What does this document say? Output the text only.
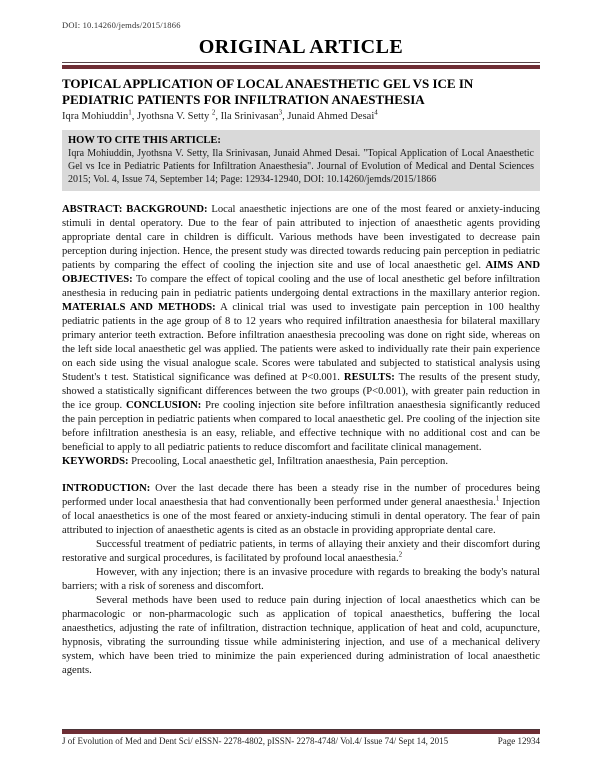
DOI: 10.14260/jemds/2015/1866
ORIGINAL ARTICLE
TOPICAL APPLICATION OF LOCAL ANAESTHETIC GEL VS ICE IN PEDIATRIC PATIENTS FOR INFILTRATION ANAESTHESIA
Iqra Mohiuddin$^1$, Jyothsna V. Setty $^2$, Ila Srinivasan$^3$, Junaid Ahmed Desai$^4$
HOW TO CITE THIS ARTICLE:
Iqra Mohiuddin, Jyothsna V. Setty, Ila Srinivasan, Junaid Ahmed Desai. "Topical Application of Local Anaesthetic Gel vs Ice in Pediatric Patients for Infiltration Anaesthesia". Journal of Evolution of Medical and Dental Sciences 2015; Vol. 4, Issue 74, September 14; Page: 12934-12940, DOI: 10.14260/jemds/2015/1866
ABSTRACT: BACKGROUND: Local anaesthetic injections are one of the most feared or anxiety-inducing stimuli in dental operatory. Due to the fear of pain attributed to injection of anaesthetic agents providing appropriate dental care in children is difficult. Various methods have been investigated to decrease pain perception during injection. Hence, the present study was directed towards reducing pain perception in pediatric patients by comparing the effect of cooling the injection site and use of local anaesthetic gel. AIMS AND OBJECTIVES: To compare the effect of topical cooling and the use of local anesthetic gel before infiltration anesthesia in reducing pain in pediatric patients undergoing dental extractions in the maxillary anterior region. MATERIALS AND METHODS: A clinical trial was used to investigate pain perception in 100 healthy pediatric patients in the age group of 8 to 12 years who required infiltration anaesthesia for bilateral maxillary primary anterior teeth extraction. Before infiltration anaesthesia precooling was done on right side, whereas on the left side local anaesthetic gel was applied. The patients were asked to individually rate their pain experience on each side using the visual analogue scale. Scores were tabulated and subjected to statistical analysis using Student's t test. Statistical significance was defined at P<0.001. RESULTS: The results of the present study, showed a statistically significant differences between the two groups (P<0.001), with greater pain reduction in the ice group. CONCLUSION: Pre cooling injection site before infiltration anaesthesia significantly reduced the pain perception in pediatric patients when compared to local anaesthetic gel. Pre cooling of the injection site before infiltration anesthesia is an easy, reliable, and effective technique with no additional cost and can be beneficial to apply to all pediatric patients to reduce discomfort and facilitate clinical management.
KEYWORDS: Precooling, Local anaesthetic gel, Infiltration anaesthesia, Pain perception.
INTRODUCTION: Over the last decade there has been a steady rise in the number of procedures being performed under local anaesthesia that had conventionally been performed under general anaesthesia.$^1$ Injection of local anaesthetics is one of the most feared or anxiety-inducing stimuli in dental operatory. The fear of pain attributed to injection of anaesthetic agents is cited as an obstacle in providing appropriate dental care.
Successful treatment of pediatric patients, in terms of allaying their anxiety and their discomfort during restorative and surgical procedures, is facilitated by profound local anaesthesia.$^2$
However, with any injection; there is an invasive procedure with regards to breaking the body's natural barriers; with a risk of soreness and discomfort.
Several methods have been used to reduce pain during injection of local anaesthetics which can be pharmacologic or non-pharmacologic such as application of topical anaesthetics, buffering the local anaesthetics, adjusting the rate of infiltration, distraction technique, application of heat and cold, acupuncture, hypnosis, vibrating the surrounding tissue while administering injection, and use of a mechanical delivery system, which have been tried to minimize the pain experienced during administration of local anaesthetic agents.
J of Evolution of Med and Dent Sci/ eISSN- 2278-4802, pISSN- 2278-4748/ Vol.4/ Issue 74/ Sept 14, 2015	Page 12934
